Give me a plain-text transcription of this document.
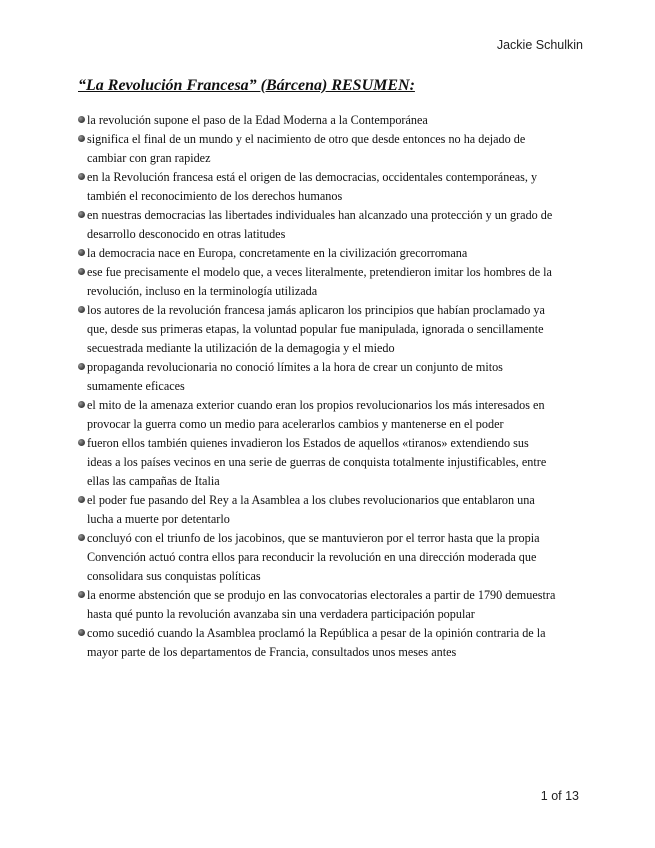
Jackie Schulkin
“La Revolución Francesa” (Bárcena) RESUMEN:
la revolución supone el paso de la Edad Moderna a la Contemporánea
significa el final de un mundo y el nacimiento de otro que desde entonces no ha dejado de cambiar con gran rapidez
en la Revolución francesa está el origen de las democracias, occidentales contemporáneas, y también el reconocimiento de los derechos humanos
en nuestras democracias las libertades individuales han alcanzado una protección y un grado de desarrollo desconocido en otras latitudes
la democracia nace en Europa, concretamente en la civilización grecorromana
ese fue precisamente el modelo que, a veces literalmente, pretendieron imitar los hombres de la revolución, incluso en la terminología utilizada
los autores de la revolución francesa jamás aplicaron los principios que habían proclamado ya que, desde sus primeras etapas, la voluntad popular fue manipulada, ignorada o sencillamente secuestrada mediante la utilización de la demagogia y el miedo
propaganda revolucionaria no conoció límites a la hora de crear un conjunto de mitos sumamente eficaces
el mito de la amenaza exterior cuando eran los propios revolucionarios los más interesados en provocar la guerra como un medio para acelerarlos cambios y mantenerse en el poder
fueron ellos también quienes invadieron los Estados de aquellos «tiranos» extendiendo sus ideas a los países vecinos en una serie de guerras de conquista totalmente injustificables, entre ellas las campañas de Italia
el poder fue pasando del Rey a la Asamblea a los clubes revolucionarios que entablaron una lucha a muerte por detentarlo
concluyó con el triunfo de los jacobinos, que se mantuvieron por el terror hasta que la propia Convención actuó contra ellos para reconducir la revolución en una dirección moderada que consolidara sus conquistas políticas
la enorme abstención que se produjo en las convocatorias electorales a partir de 1790 demuestra hasta qué punto la revolución avanzaba sin una verdadera participación popular
como sucedió cuando la Asamblea proclamó la República a pesar de la opinión contraria de la mayor parte de los departamentos de Francia, consultados unos meses antes
1 of 13
